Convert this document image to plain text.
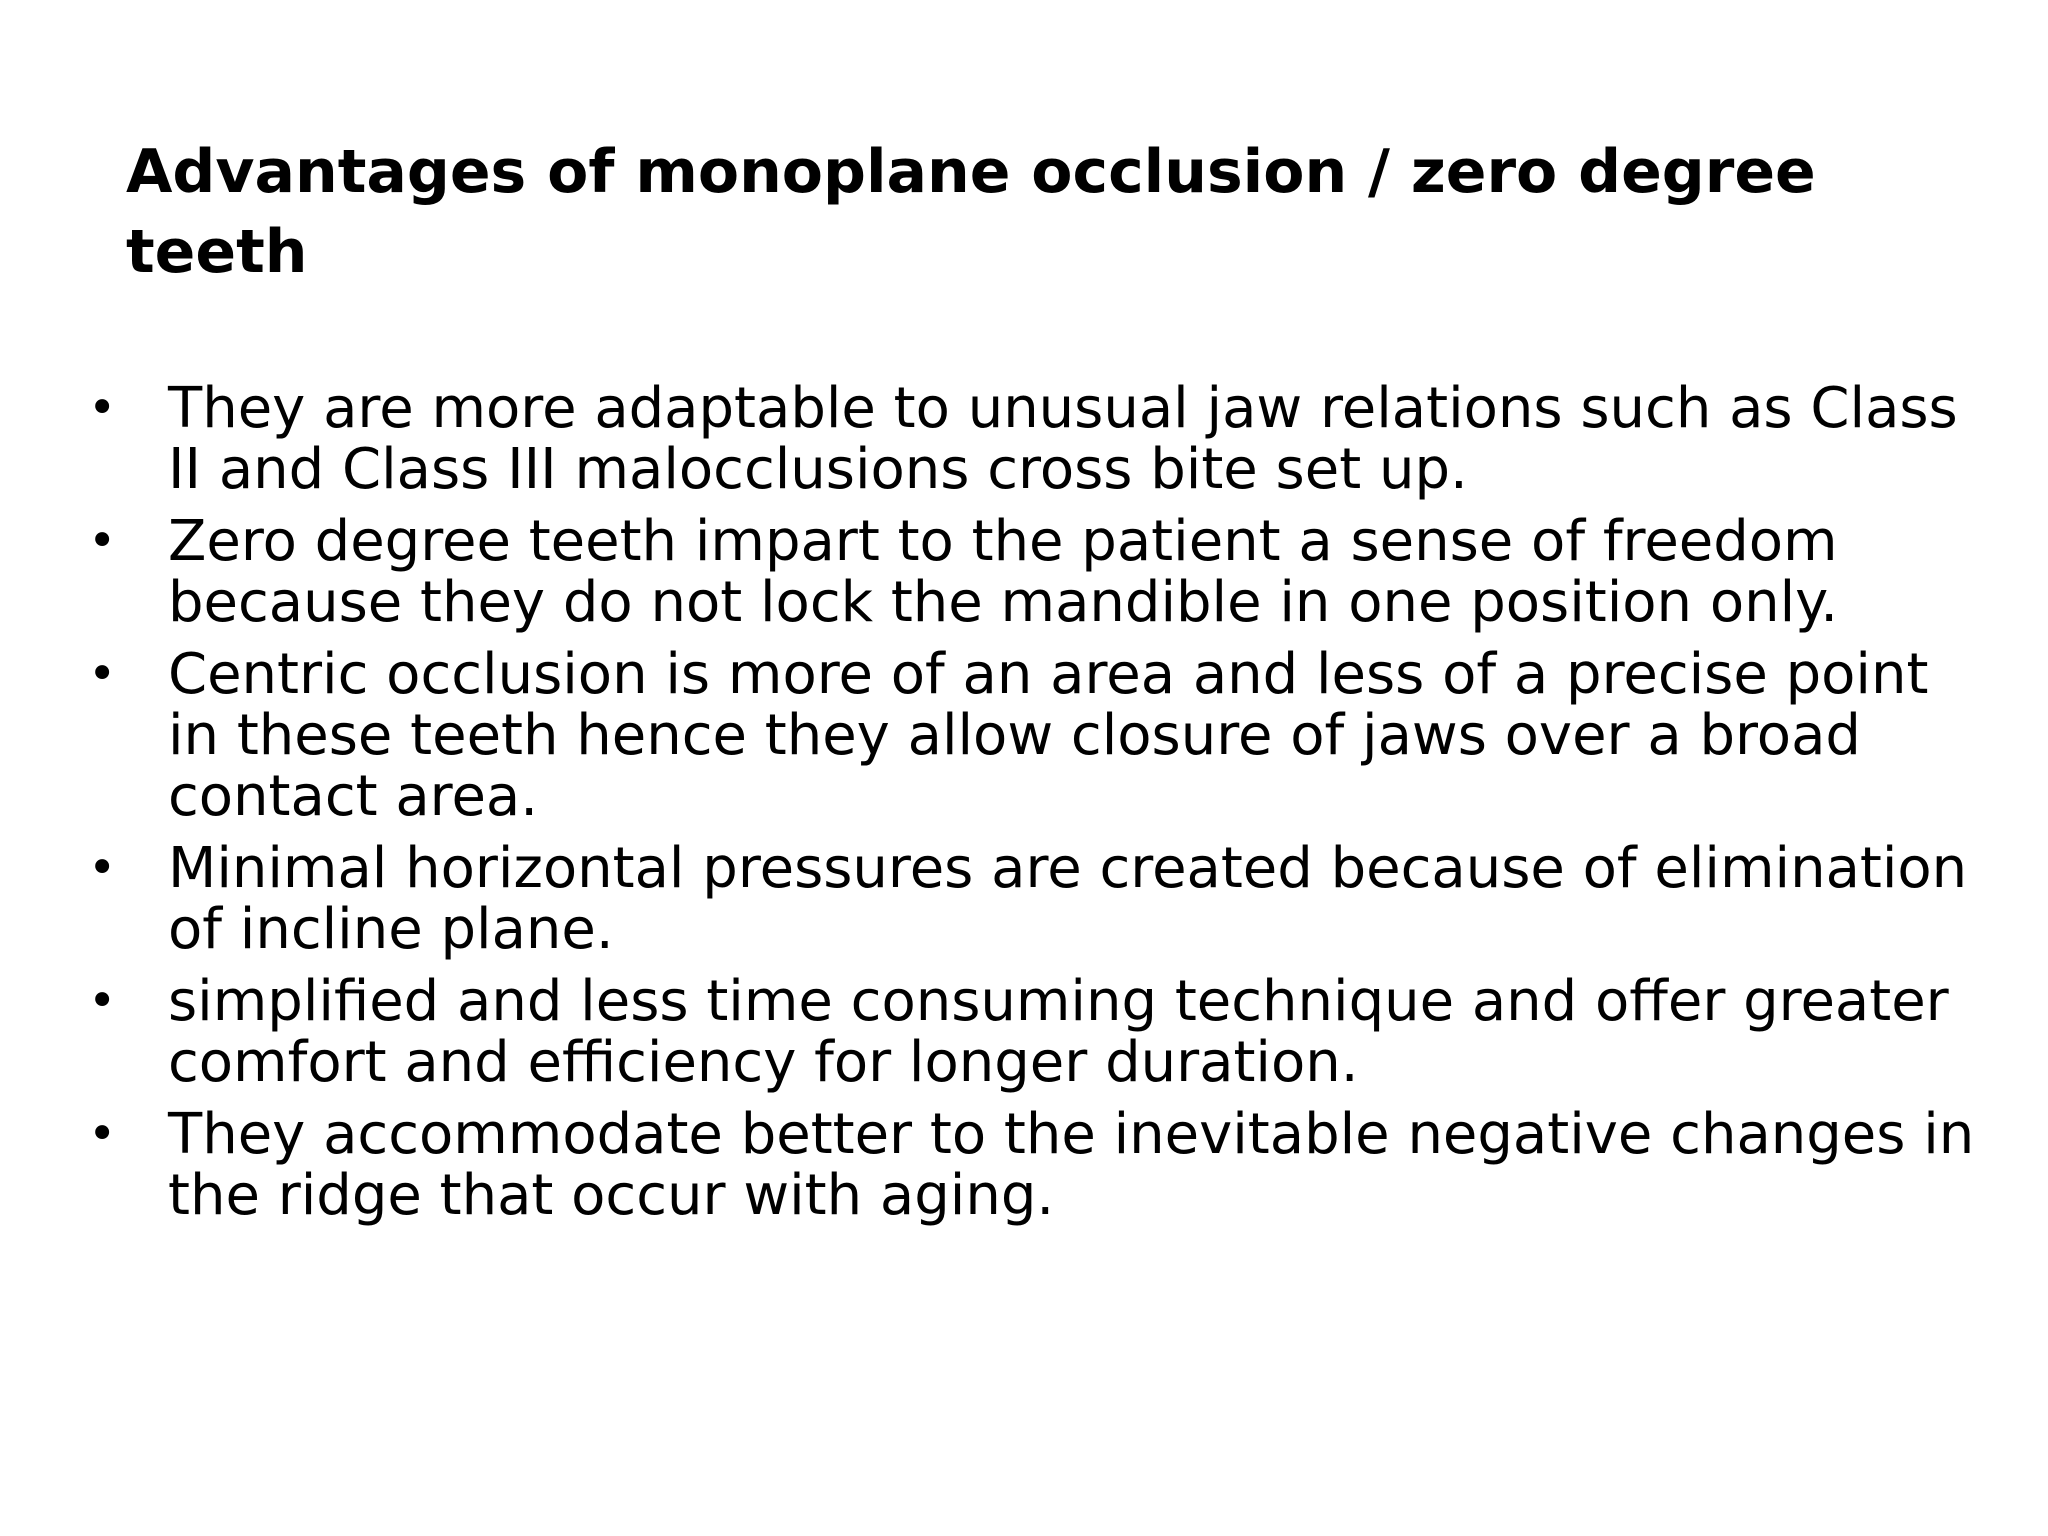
Advantages of monoplane occlusion / zero degree teeth
• They are more adaptable to unusual jaw relations such as Class II and Class III malocclusions cross bite set up.
• Zero degree teeth impart to the patient a sense of freedom because they do not lock the mandible in one position only.
• Centric occlusion is more of an area and less of a precise point in these teeth hence they allow closure of jaws over a broad contact area.
• Minimal horizontal pressures are created because of elimination of incline plane.
• simplified and less time consuming technique and offer greater comfort and efficiency for longer duration.
• They accommodate better to the inevitable negative changes in the ridge that occur with aging.
